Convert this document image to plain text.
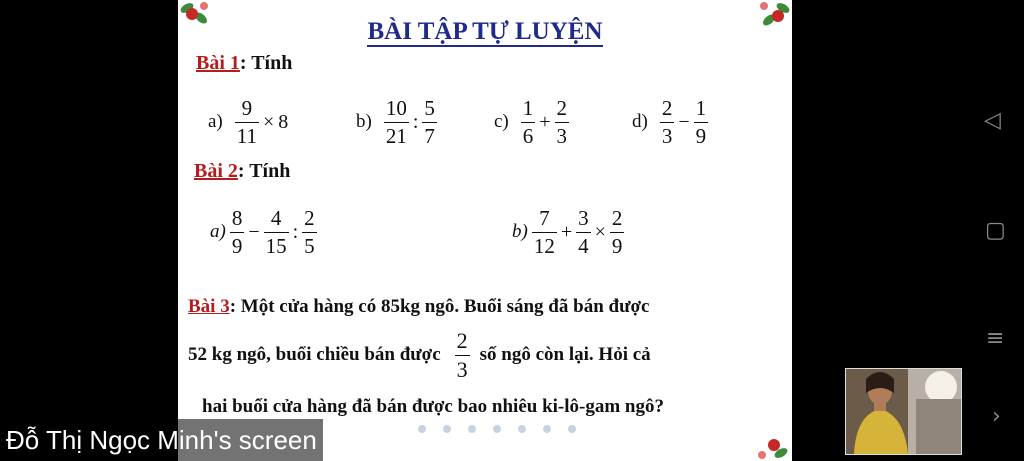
BÀI TẬP TỰ LUYỆN
Bài 1: Tính
$a) \frac{9}{11} \times 8$	$b) \frac{10}{21}$ : $\frac{5}{7}$	$c) \frac{1}{6} + \frac{2}{3}$	$d) \frac{2}{3} - \frac{1}{9}$
Bài 2: Tính
$a) \frac{8}{9} - \frac{4}{15}$ : $\frac{2}{5}$	$b) \frac{7}{12} + \frac{3}{4} \times \frac{2}{9}$
Bài 3: Một cửa hàng có 85kg ngô. Buổi sáng đã bán được
52 kg ngô, buổi chiều bán được $\frac{2}{3}$ số ngô còn lại. Hỏi cả
hai buổi cửa hàng đã bán được bao nhiêu ki-lô-gam ngô?
◁
▢
≡
›
Đỗ Thị Ngọc Minh's screen
